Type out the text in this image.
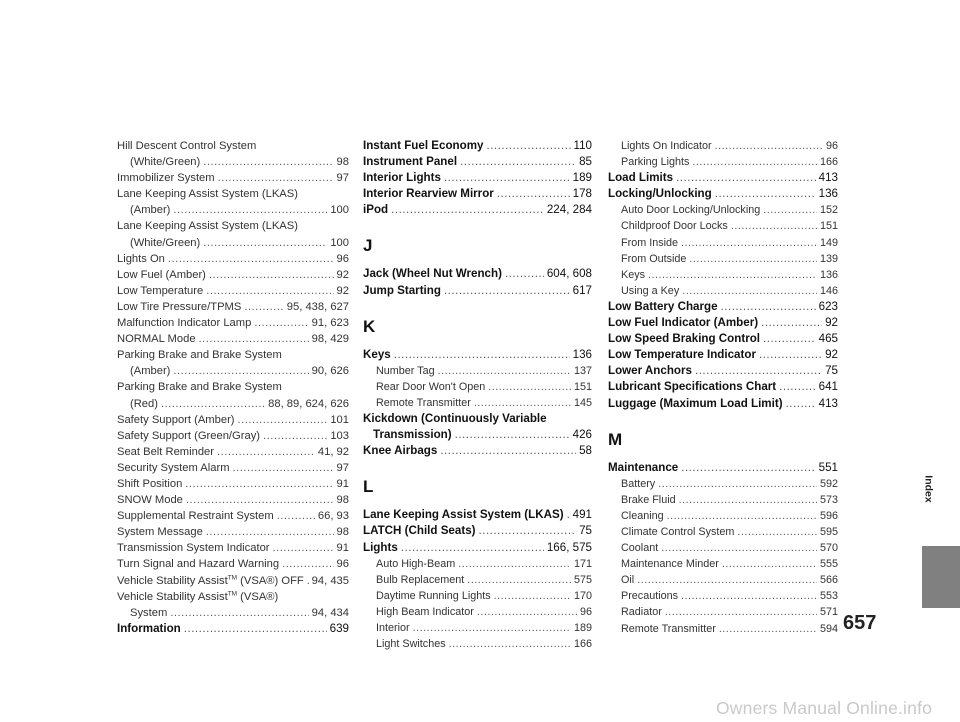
Hill Descent Control System
(White/Green) .....	98
Immobilizer System .....	97
Lane Keeping Assist System (LKAS)
(Amber) .....	100
Lane Keeping Assist System (LKAS)
(White/Green) .....	100
Lights On .....	96
Low Fuel (Amber) .....	92
Low Temperature .....	92
Low Tire Pressure/TPMS .....	95, 438, 627
Malfunction Indicator Lamp .....	91, 623
NORMAL Mode .....	98, 429
Parking Brake and Brake System
(Amber) .....	90, 626
Parking Brake and Brake System
(Red) .....	88, 89, 624, 626
Safety Support (Amber) .....	101
Safety Support (Green/Gray) .....	103
Seat Belt Reminder .....	41, 92
Security System Alarm .....	97
Shift Position .....	91
SNOW Mode .....	98
Supplemental Restraint System .....	66, 93
System Message .....	98
Transmission System Indicator .....	91
Turn Signal and Hazard Warning .....	96
Vehicle Stability Assist™ (VSA®) OFF ..... 94, 435
Vehicle Stability Assist™ (VSA®)
System .....	94, 434
Information .....	639
Instant Fuel Economy .....	110
Instrument Panel .....	85
Interior Lights .....	189
Interior Rearview Mirror .....	178
iPod .....	224, 284
J
Jack (Wheel Nut Wrench) .....	604, 608
Jump Starting .....	617
K
Keys .....	136
Number Tag .....	137
Rear Door Won't Open .....	151
Remote Transmitter .....	145
Kickdown (Continuously Variable
Transmission) .....	426
Knee Airbags .....	58
L
Lane Keeping Assist System (LKAS) ..... 491
LATCH (Child Seats) .....	75
Lights .....	166, 575
Auto High-Beam .....	171
Bulb Replacement .....	575
Daytime Running Lights .....	170
High Beam Indicator .....	96
Interior .....	189
Light Switches .....	166
Lights On Indicator .....	96
Parking Lights .....	166
Load Limits .....	413
Locking/Unlocking .....	136
Auto Door Locking/Unlocking .....	152
Childproof Door Locks .....	151
From Inside .....	149
From Outside .....	139
Keys .....	136
Using a Key .....	146
Low Battery Charge .....	623
Low Fuel Indicator (Amber) .....	92
Low Speed Braking Control .....	465
Low Temperature Indicator .....	92
Lower Anchors .....	75
Lubricant Specifications Chart .....	641
Luggage (Maximum Load Limit) .....	413
M
Maintenance .....	551
Battery .....	592
Brake Fluid .....	573
Cleaning .....	596
Climate Control System .....	595
Coolant .....	570
Maintenance Minder .....	555
Oil .....	566
Precautions .....	553
Radiator .....	571
Remote Transmitter .....	594
Index
657
Owners Manual Online.info
